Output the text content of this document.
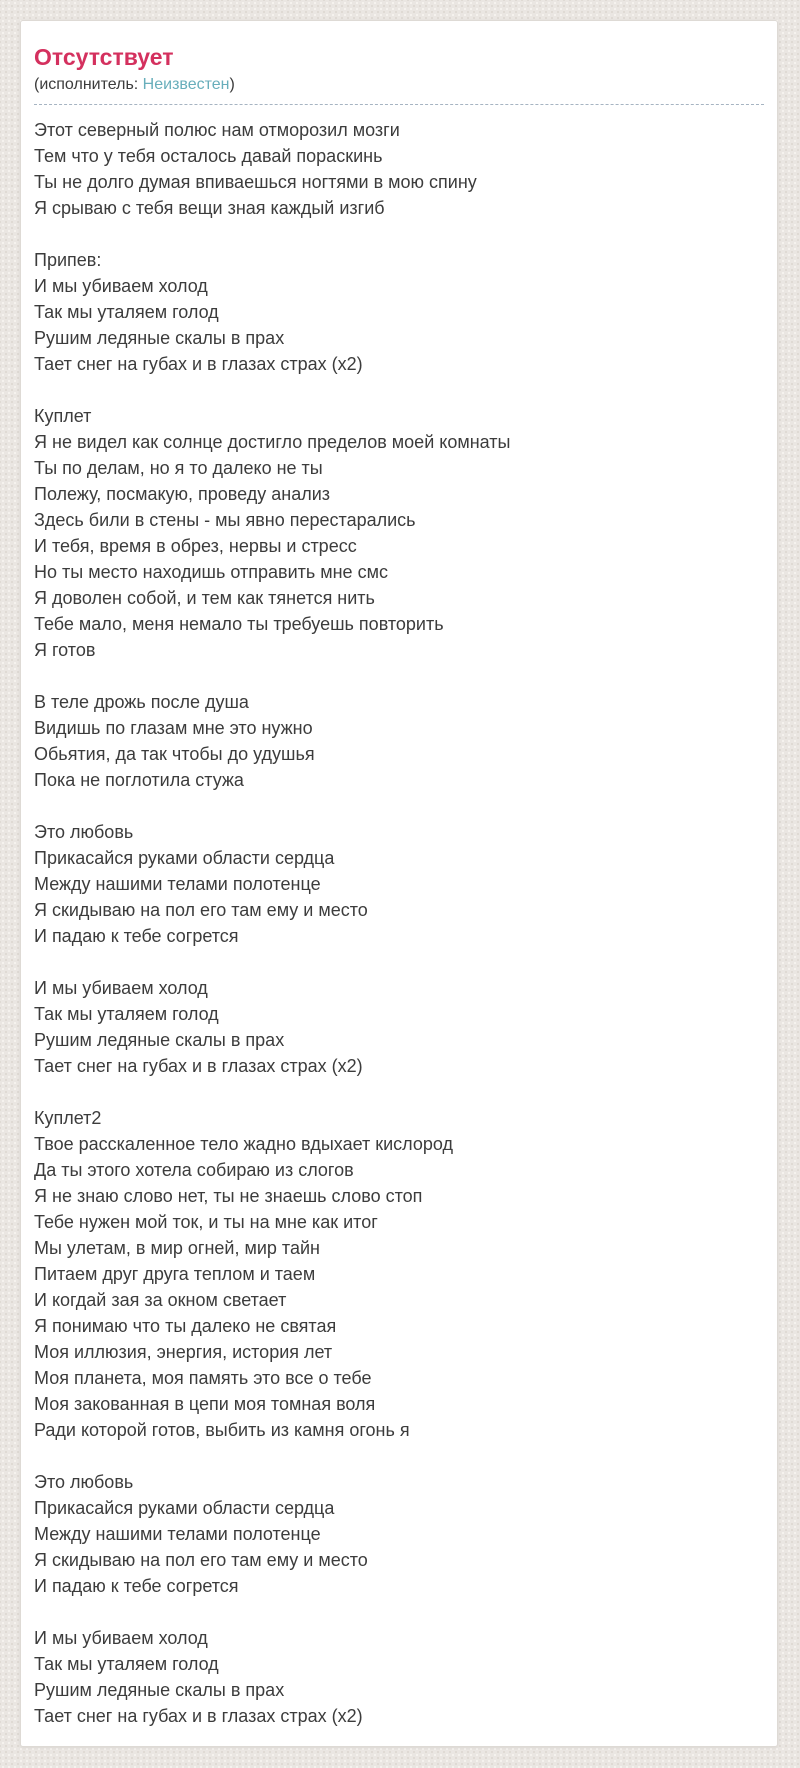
Отсутствует
(исполнитель: Неизвестен)
Этот северный полюс нам отморозил мозги
Тем что у тебя осталось давай пораскинь
Ты не долго думая впиваешься ногтями в мою спину
Я срываю с тебя вещи зная каждый изгиб
Припев:
И мы убиваем холод
Так мы уталяем голод
Рушим ледяные скалы в прах
Тает снег на губах и в глазах страх (x2)
Куплет
Я не видел как солнце достигло пределов моей комнаты
Ты по делам, но я то далеко не ты
Полежу, посмакую, проведу анализ
Здесь били в стены - мы явно перестарались
И тебя, время в обрез, нервы и стресс
Но ты место находишь отправить мне смс
Я доволен собой, и тем как тянется нить
Тебе мало, меня немало ты требуешь повторить
Я готов
В теле дрожь после душа
Видишь по глазам мне это нужно
Обьятия, да так чтобы до удушья
Пока не поглотила стужа
Это любовь
Прикасайся руками области сердца
Между нашими телами полотенце
Я скидываю на пол его там ему и место
И падаю к тебе согрется
И мы убиваем холод
Так мы уталяем голод
Рушим ледяные скалы в прах
Тает снег на губах и в глазах страх (x2)
Куплет2
Твое расскаленное тело жадно вдыхает кислород
Да ты этого хотела собираю из слогов
Я не знаю слово нет, ты не знаешь слово стоп
Тебе нужен мой ток, и ты на мне как итог
Мы улетам, в мир огней, мир тайн
Питаем друг друга теплом и таем
И когдай зая за окном светает
Я понимаю что ты далеко не святая
Моя иллюзия, энергия, история лет
Моя планета, моя память это все о тебе
Моя закованная в цепи моя томная воля
Ради которой готов, выбить из камня огонь я
Это любовь
Прикасайся руками области сердца
Между нашими телами полотенце
Я скидываю на пол его там ему и место
И падаю к тебе согрется
И мы убиваем холод
Так мы уталяем голод
Рушим ледяные скалы в прах
Тает снег на губах и в глазах страх (x2)
